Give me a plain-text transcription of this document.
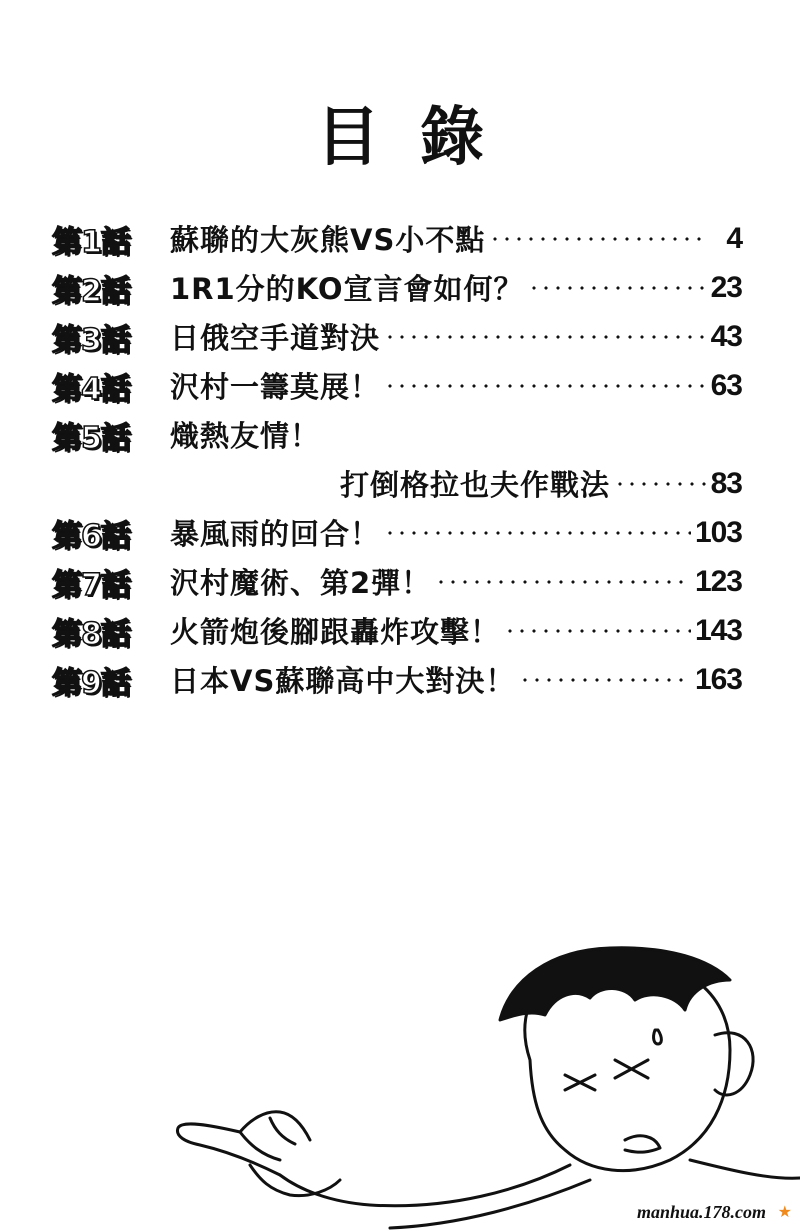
目錄
第1話	蘇聯的大灰熊VS小不點	4
第2話	1R1分的KO宣言會如何？	23
第3話	日俄空手道對決	43
第4話	沢村一籌莫展！	63
第5話	熾熱友情！
打倒格拉也夫作戰法	83
第6話	暴風雨的回合！	103
第7話	沢村魔術、第2彈！	123
第8話	火箭炮後腳跟轟炸攻擊！	143
第9話	日本VS蘇聯高中大對決！	163
manhua.178.com ★
